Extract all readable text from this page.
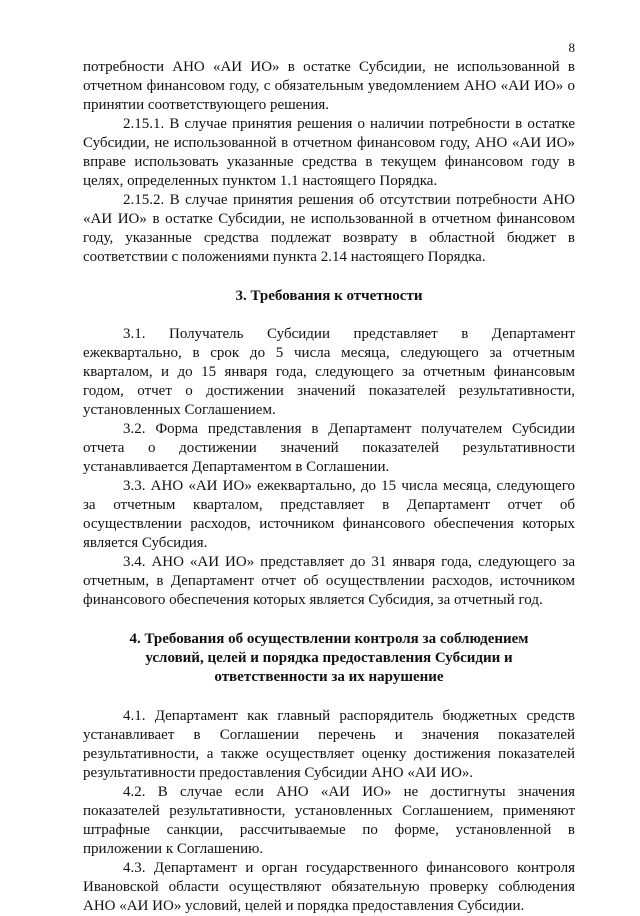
8

потребности АНО «АИ ИО» в остатке Субсидии, не использованной в отчетном финансовом году, с обязательным уведомлением АНО «АИ ИО» о принятии соответствующего решения.

2.15.1. В случае принятия решения о наличии потребности в остатке Субсидии, не использованной в отчетном финансовом году, АНО «АИ ИО» вправе использовать указанные средства в текущем финансовом году в целях, определенных пунктом 1.1 настоящего Порядка.

2.15.2. В случае принятия решения об отсутствии потребности АНО «АИ ИО» в остатке Субсидии, не использованной в отчетном финансовом году, указанные средства подлежат возврату в областной бюджет в соответствии с положениями пункта 2.14 настоящего Порядка.

3. Требования к отчетности

3.1. Получатель Субсидии представляет в Департамент ежеквартально, в срок до 5 числа месяца, следующего за отчетным кварталом, и до 15 января года, следующего за отчетным финансовым годом, отчет о достижении значений показателей результативности, установленных Соглашением.

3.2. Форма представления в Департамент получателем Субсидии отчета о достижении значений показателей результативности устанавливается Департаментом в Соглашении.

3.3. АНО «АИ ИО» ежеквартально, до 15 числа месяца, следующего за отчетным кварталом, представляет в Департамент отчет об осуществлении расходов, источником финансового обеспечения которых является Субсидия.

3.4. АНО «АИ ИО» представляет до 31 января года, следующего за отчетным, в Департамент отчет об осуществлении расходов, источником финансового обеспечения которых является Субсидия, за отчетный год.

4. Требования об осуществлении контроля за соблюдением
условий, целей и порядка предоставления Субсидии и
ответственности за их нарушение

4.1. Департамент как главный распорядитель бюджетных средств устанавливает в Соглашении перечень и значения показателей результативности, а также осуществляет оценку достижения показателей результативности предоставления Субсидии АНО «АИ ИО».

4.2. В случае если АНО «АИ ИО» не достигнуты значения показателей результативности, установленных Соглашением, применяют штрафные санкции, рассчитываемые по форме, установленной в приложении к Соглашению.

4.3. Департамент и орган государственного финансового контроля Ивановской области осуществляют обязательную проверку соблюдения АНО «АИ ИО» условий, целей и порядка предоставления Субсидии.
